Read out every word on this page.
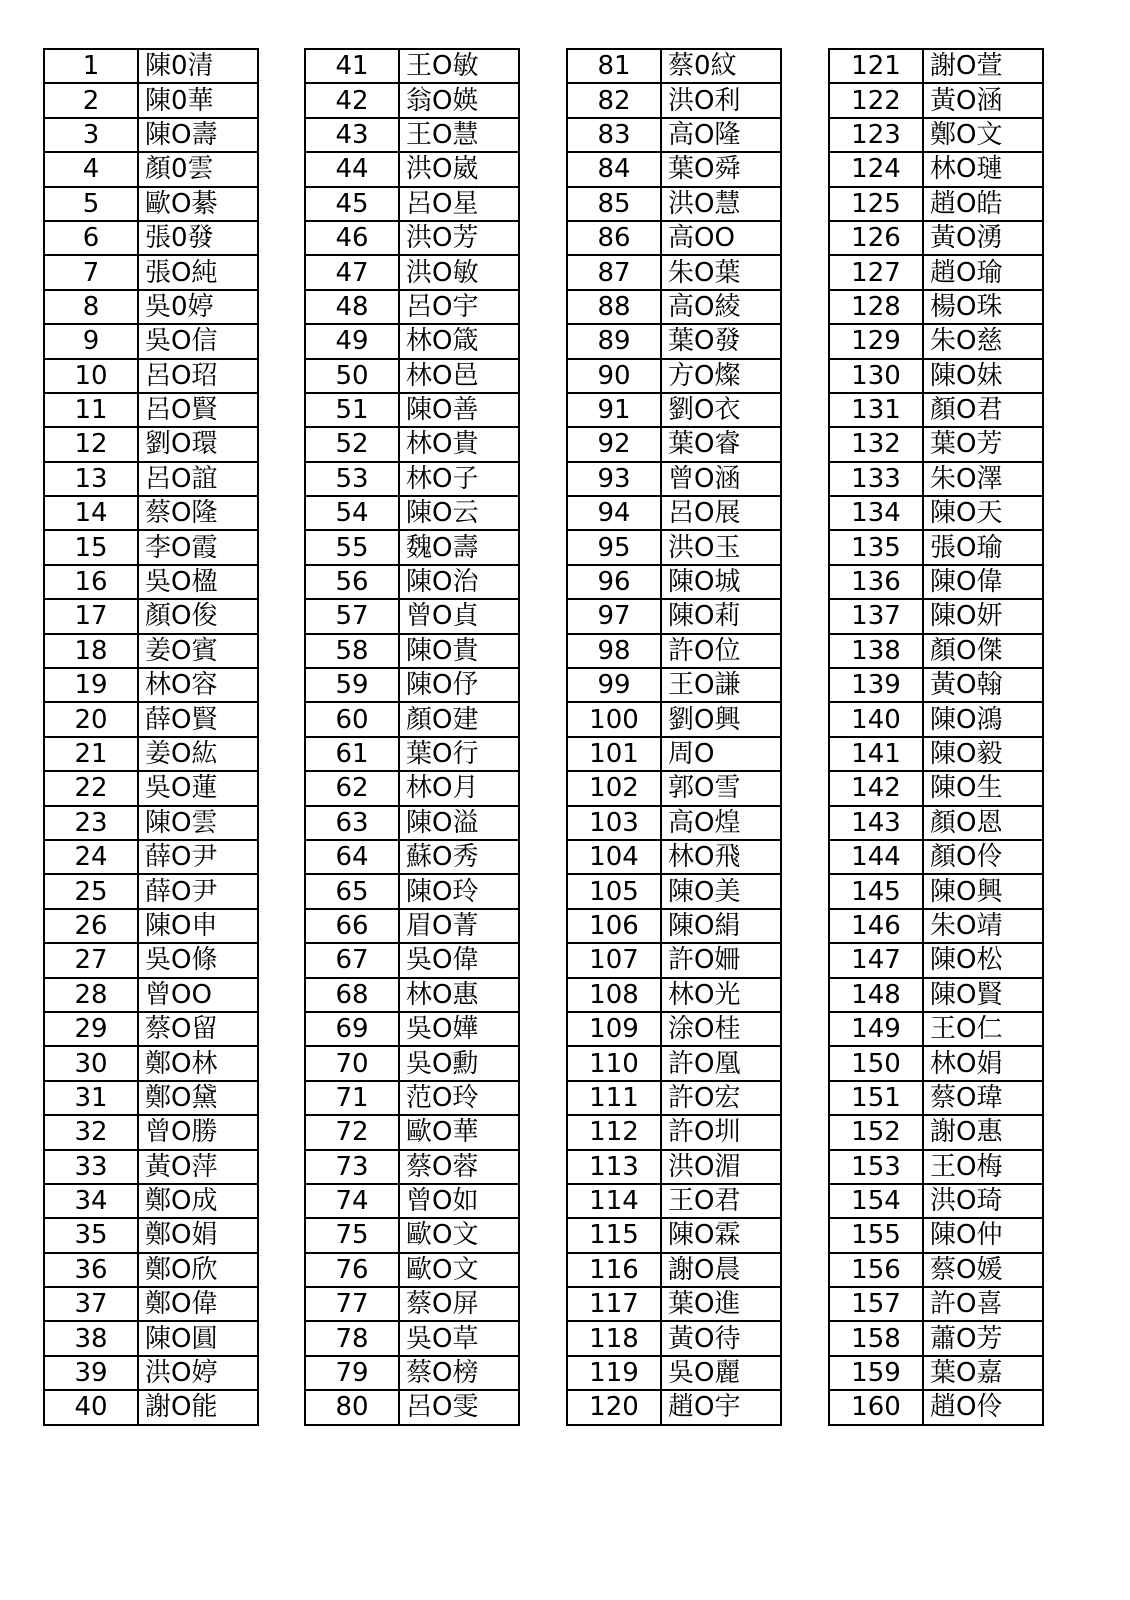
1	陳0清
2	陳0華
3	陳O壽
4	顏0雲
5	歐O綦
6	張0發
7	張O純
8	吳0婷
9	吳O信
10	呂O玿
11	呂O賢
12	劉O環
13	呂O誼
14	蔡O隆
15	李O霞
16	吳O楹
17	顏O俊
18	姜O賓
19	林O容
20	薛O賢
21	姜O紘
22	吳O蓮
23	陳O雲
24	薛O尹
25	薛O尹
26	陳O申
27	吳O條
28	曾OO
29	蔡O留
30	鄭O林
31	鄭O黛
32	曾O勝
33	黃O萍
34	鄭O成
35	鄭O娟
36	鄭O欣
37	鄭O偉
38	陳O圓
39	洪O婷
40	謝O能
41	王O敏
42	翁O媖
43	王O慧
44	洪O崴
45	呂O星
46	洪O芳
47	洪O敏
48	呂O宇
49	林O箴
50	林O邑
51	陳O善
52	林O貴
53	林O子
54	陳O云
55	魏O壽
56	陳O治
57	曾O貞
58	陳O貴
59	陳O伃
60	顏O建
61	葉O行
62	林O月
63	陳O溢
64	蘇O秀
65	陳O玲
66	眉O菁
67	吳O偉
68	林O惠
69	吳O嬅
70	吳O勳
71	范O玲
72	歐O華
73	蔡O蓉
74	曾O如
75	歐O文
76	歐O文
77	蔡O屏
78	吳O草
79	蔡O榜
80	呂O雯
81	蔡0紋
82	洪O利
83	高O隆
84	葉O舜
85	洪O慧
86	高OO
87	朱O葉
88	高O綾
89	葉O發
90	方O燦
91	劉O衣
92	葉O睿
93	曾O涵
94	呂O展
95	洪O玉
96	陳O城
97	陳O莉
98	許O位
99	王O謙
100	劉O興
101	周O
102	郭O雪
103	高O煌
104	林O飛
105	陳O美
106	陳O絹
107	許O姍
108	林O光
109	涂O桂
110	許O凰
111	許O宏
112	許O圳
113	洪O湄
114	王O君
115	陳O霖
116	謝O晨
117	葉O進
118	黃O待
119	吳O麗
120	趙O宇
121	謝O萱
122	黃O涵
123	鄭O文
124	林O璉
125	趙O皓
126	黃O湧
127	趙O瑜
128	楊O珠
129	朱O慈
130	陳O妹
131	顏O君
132	葉O芳
133	朱O澤
134	陳O天
135	張O瑜
136	陳O偉
137	陳O妍
138	顏O傑
139	黃O翰
140	陳O鴻
141	陳O毅
142	陳O生
143	顏O恩
144	顏O伶
145	陳O興
146	朱O靖
147	陳O松
148	陳O賢
149	王O仁
150	林O娟
151	蔡O瑋
152	謝O惠
153	王O梅
154	洪O琦
155	陳O仲
156	蔡O媛
157	許O喜
158	蕭O芳
159	葉O嘉
160	趙O伶
